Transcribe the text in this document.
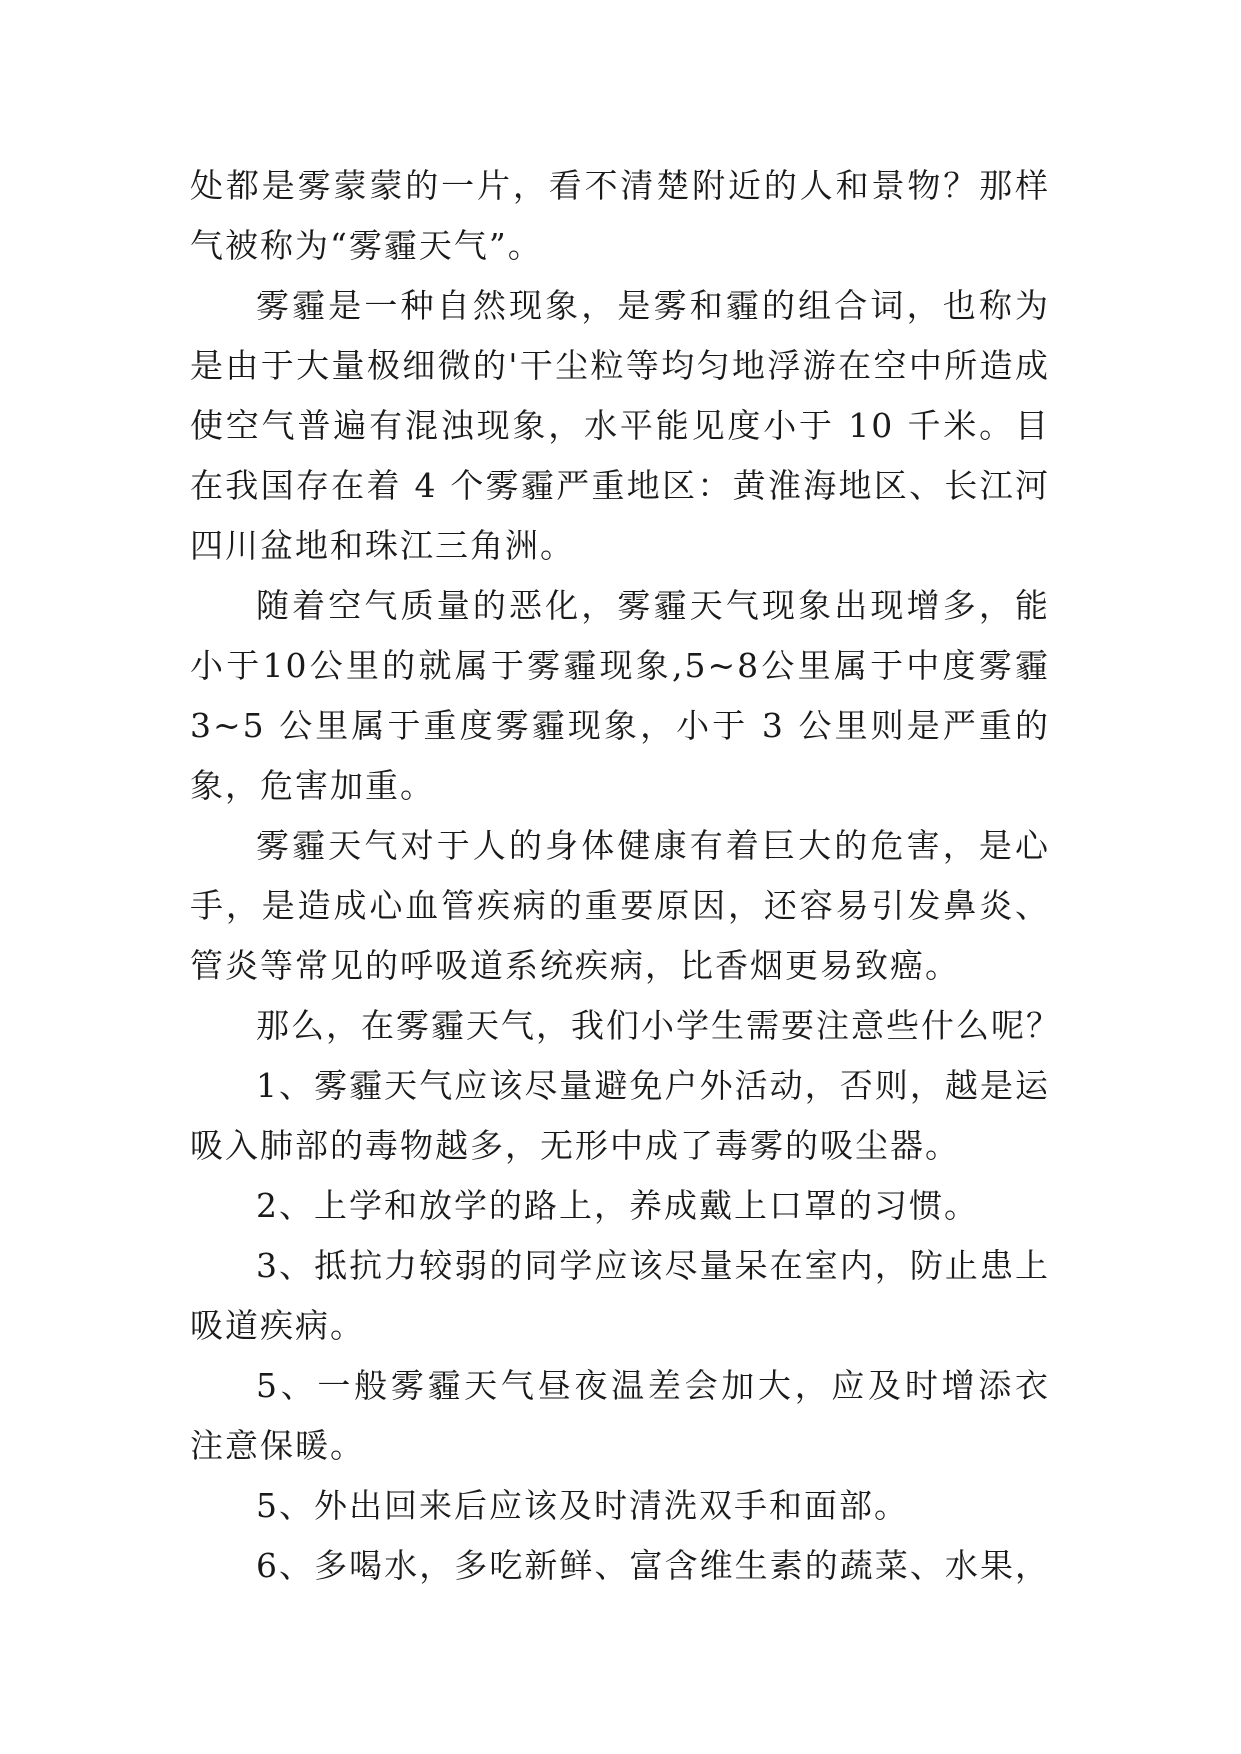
处都是雾蒙蒙的一片，看不清楚附近的人和景物？那样
气被称为“雾霾天气”。
雾霾是一种自然现象，是雾和霾的组合词，也称为
是由于大量极细微的'干尘粒等均匀地浮游在空中所造成
使空气普遍有混浊现象，水平能见度小于 10 千米。目
在我国存在着 4 个雾霾严重地区：黄淮海地区、长江河
四川盆地和珠江三角洲。
随着空气质量的恶化，雾霾天气现象出现增多，能
小于10公里的就属于雾霾现象,5~8公里属于中度雾霾
3~5 公里属于重度雾霾现象，小于 3 公里则是严重的
象，危害加重。
雾霾天气对于人的身体健康有着巨大的危害，是心
手，是造成心血管疾病的重要原因，还容易引发鼻炎、
管炎等常见的呼吸道系统疾病，比香烟更易致癌。
那么，在雾霾天气，我们小学生需要注意些什么呢？
1、雾霾天气应该尽量避免户外活动，否则，越是运
吸入肺部的毒物越多，无形中成了毒雾的吸尘器。
2、上学和放学的路上，养成戴上口罩的习惯。
3、抵抗力较弱的同学应该尽量呆在室内，防止患上
吸道疾病。
5、一般雾霾天气昼夜温差会加大，应及时增添衣
注意保暖。
5、外出回来后应该及时清洗双手和面部。
6、多喝水，多吃新鲜、富含维生素的蔬菜、水果，
